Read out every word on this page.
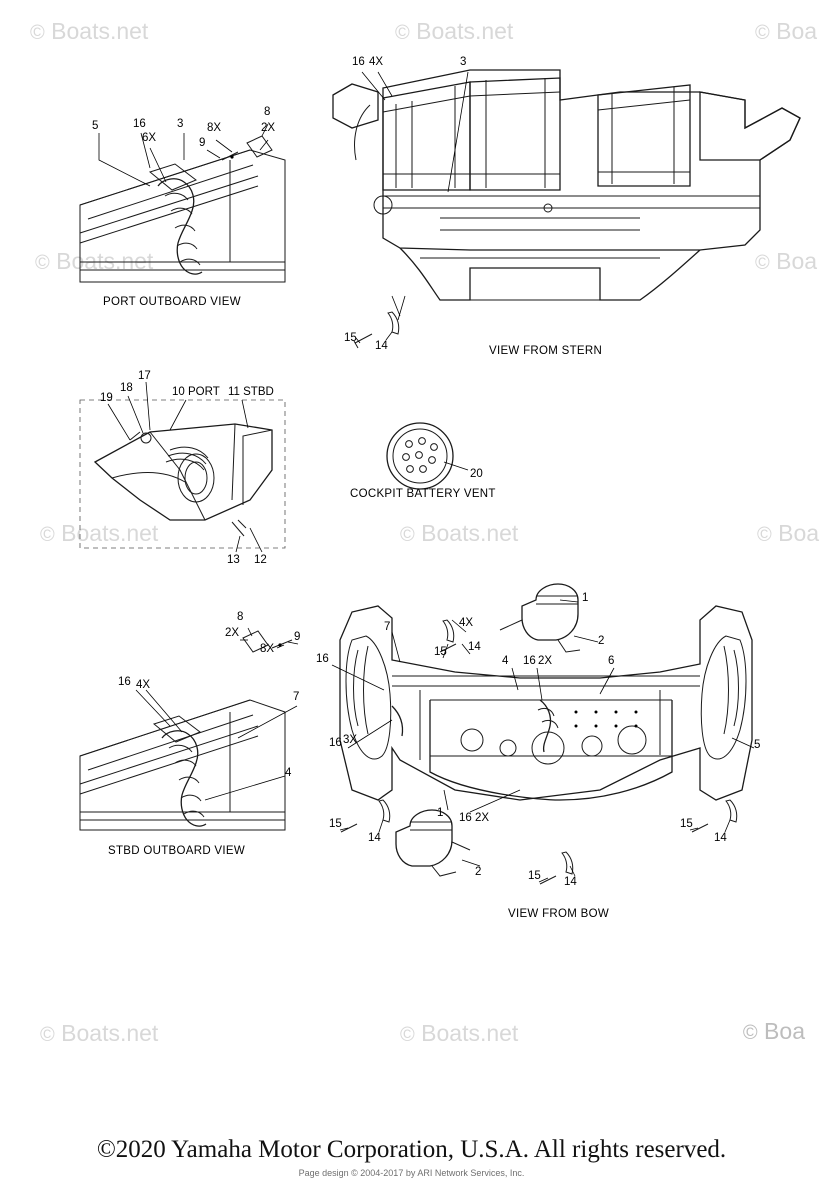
© Boats.net	© Boats.net	© Boa
© Boats.net	© Boa
© Boats.net	© Boats.net	© Boa
© Boats.net	© Boats.net	© Boa
5	16
6X
3
9
8X
8
2X
PORT OUTBOARD VIEW
16 4X	3
15
14	VIEW FROM STERN
19
18
17
10 PORT 11 STBD
13 12
20
COCKPIT BATTERY VENT
8
2X
8X
9
16 4X
7
4
STBD OUTBOARD VIEW
7	4X
1
2
16
15 14
4 16 2X	6
16 3X	5
15
14
16 2X
1
2	15 14
15
14
VIEW FROM BOW
©2020 Yamaha Motor Corporation, U.S.A. All rights reserved.
Page design © 2004-2017 by ARI Network Services, Inc.
